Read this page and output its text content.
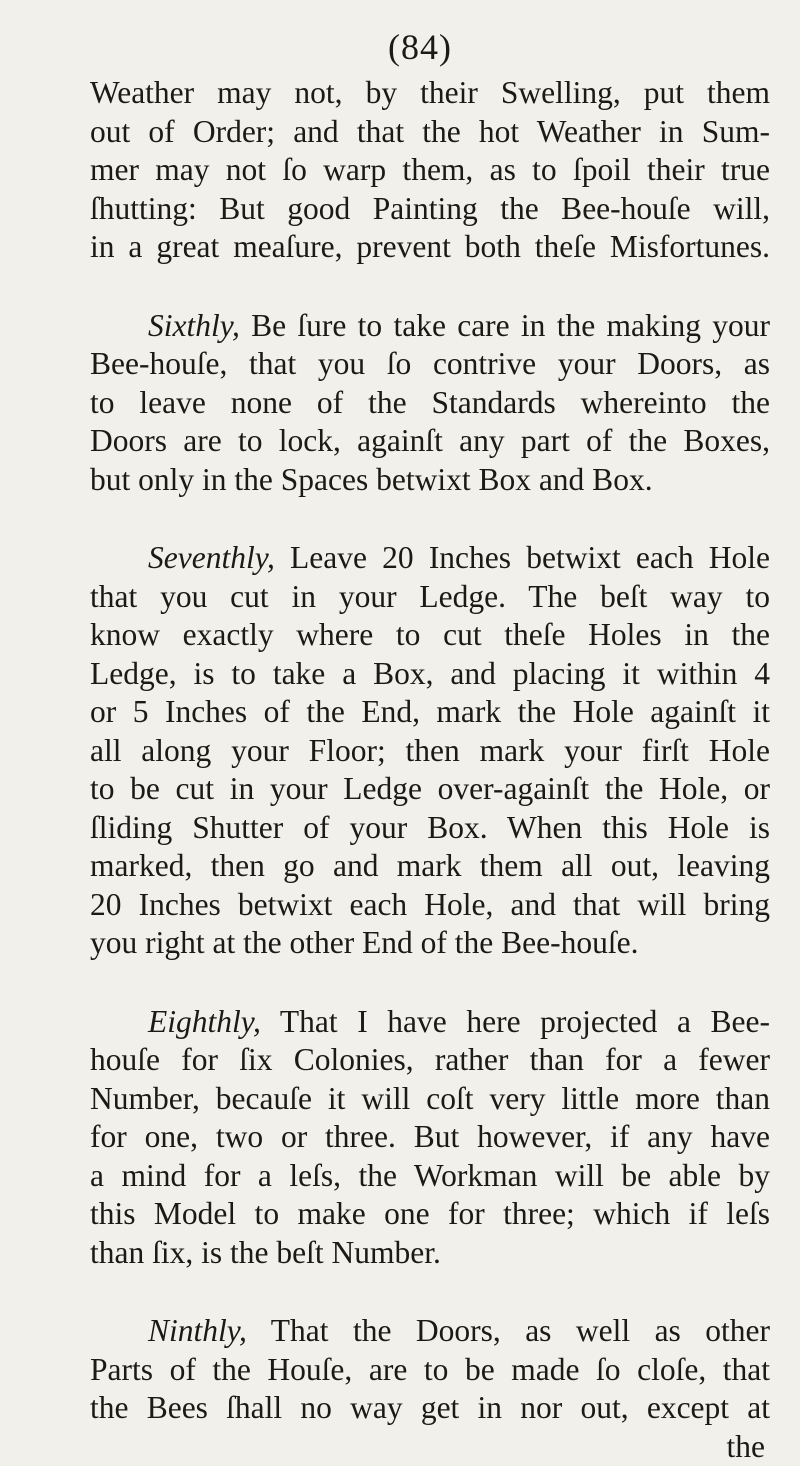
(84)
Weather may not, by their Swelling, put them
out of Order; and that the hot Weather in Sum-
mer may not ſo warp them, as to ſpoil their true
ſhutting: But good Painting the Bee-houſe will,
in a great meaſure, prevent both theſe Misfortunes.
Sixthly, Be ſure to take care in the making your
Bee-houſe, that you ſo contrive your Doors, as
to leave none of the Standards whereinto the
Doors are to lock, againſt any part of the Boxes,
but only in the Spaces betwixt Box and Box.
Seventhly, Leave 20 Inches betwixt each Hole
that you cut in your Ledge. The beſt way to
know exactly where to cut theſe Holes in the
Ledge, is to take a Box, and placing it within 4
or 5 Inches of the End, mark the Hole againſt it
all along your Floor; then mark your firſt Hole
to be cut in your Ledge over-againſt the Hole, or
ſliding Shutter of your Box. When this Hole is
marked, then go and mark them all out, leaving
20 Inches betwixt each Hole, and that will bring
you right at the other End of the Bee-houſe.
Eighthly, That I have here projected a Bee-
houſe for ſix Colonies, rather than for a fewer
Number, becauſe it will coſt very little more than
for one, two or three. But however, if any have
a mind for a leſs, the Workman will be able by
this Model to make one for three; which if leſs
than ſix, is the beſt Number.
Ninthly, That the Doors, as well as other
Parts of the Houſe, are to be made ſo cloſe, that
the Bees ſhall no way get in nor out, except at
the
